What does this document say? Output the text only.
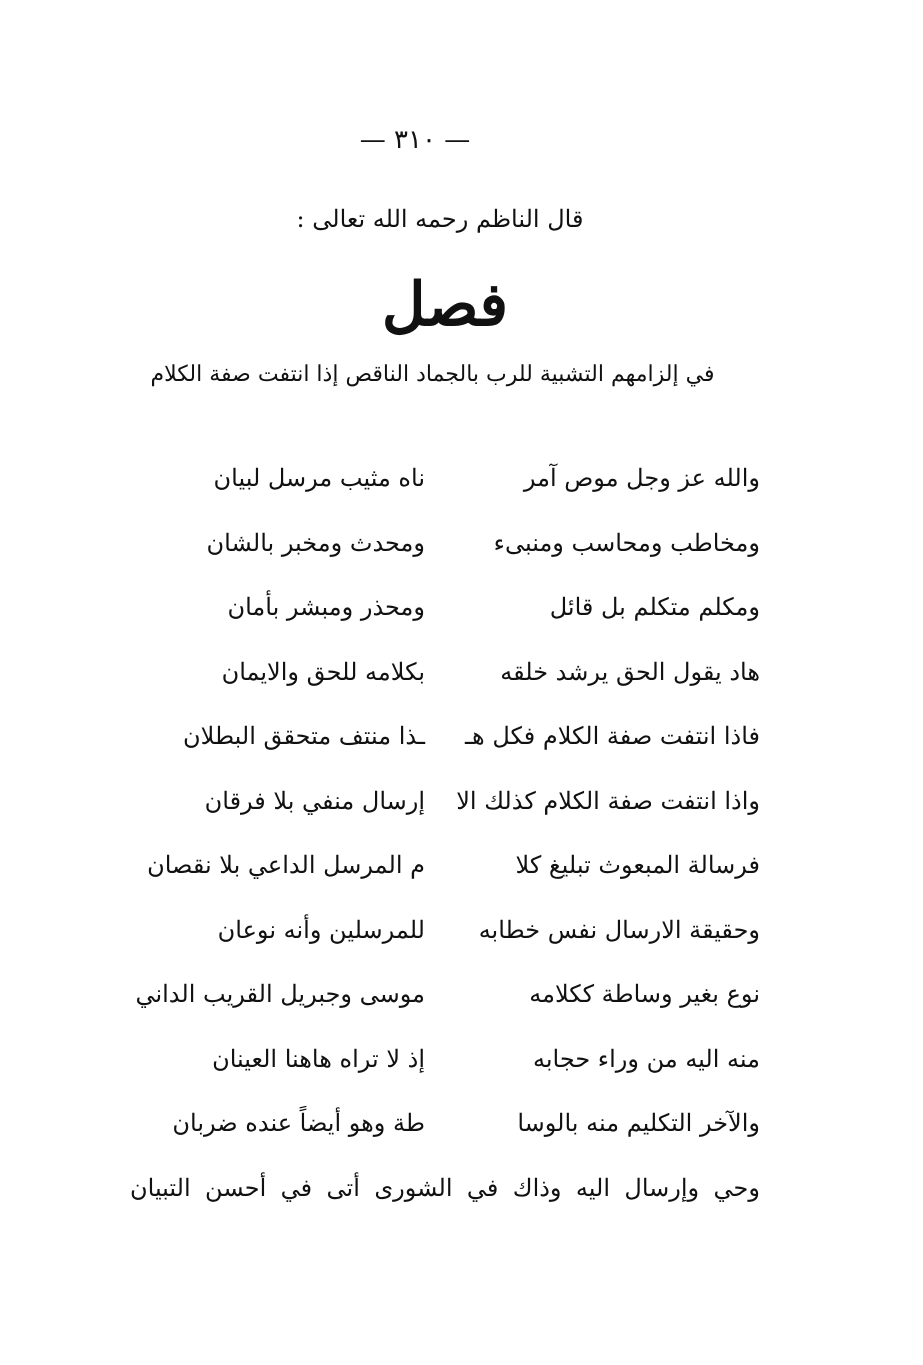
— ٣١٠ —
قال الناظم رحمه الله تعالى :
فصل
في إلزامهم التشبية للرب بالجماد الناقص إذا انتفت صفة الكلام
والله عز وجل موص آمر
ناه مثيب مرسل لبيان
ومخاطب ومحاسب ومنبىء
ومحدث ومخبر بالشان
ومكلم متكلم بل قائل
ومحذر ومبشر بأمان
هاد يقول الحق يرشد خلقه
بكلامه للحق والايمان
فاذا انتفت صفة الكلام فكل هـ
ـذا منتف متحقق البطلان
واذا انتفت صفة الكلام كذلك الا
إرسال منفي بلا فرقان
فرسالة المبعوث تبليغ كلا
م المرسل الداعي بلا نقصان
وحقيقة الارسال نفس خطابه
للمرسلين وأنه نوعان
نوع بغير وساطة ككلامه
موسى وجبريل القريب الداني
منه اليه من وراء حجابه
إذ لا تراه هاهنا العينان
والآخر التكليم منه بالوسا
طة وهو أيضاً عنده ضربان
وحي وإرسال اليه وذاك في الشورى أتى في أحسن التبيان
